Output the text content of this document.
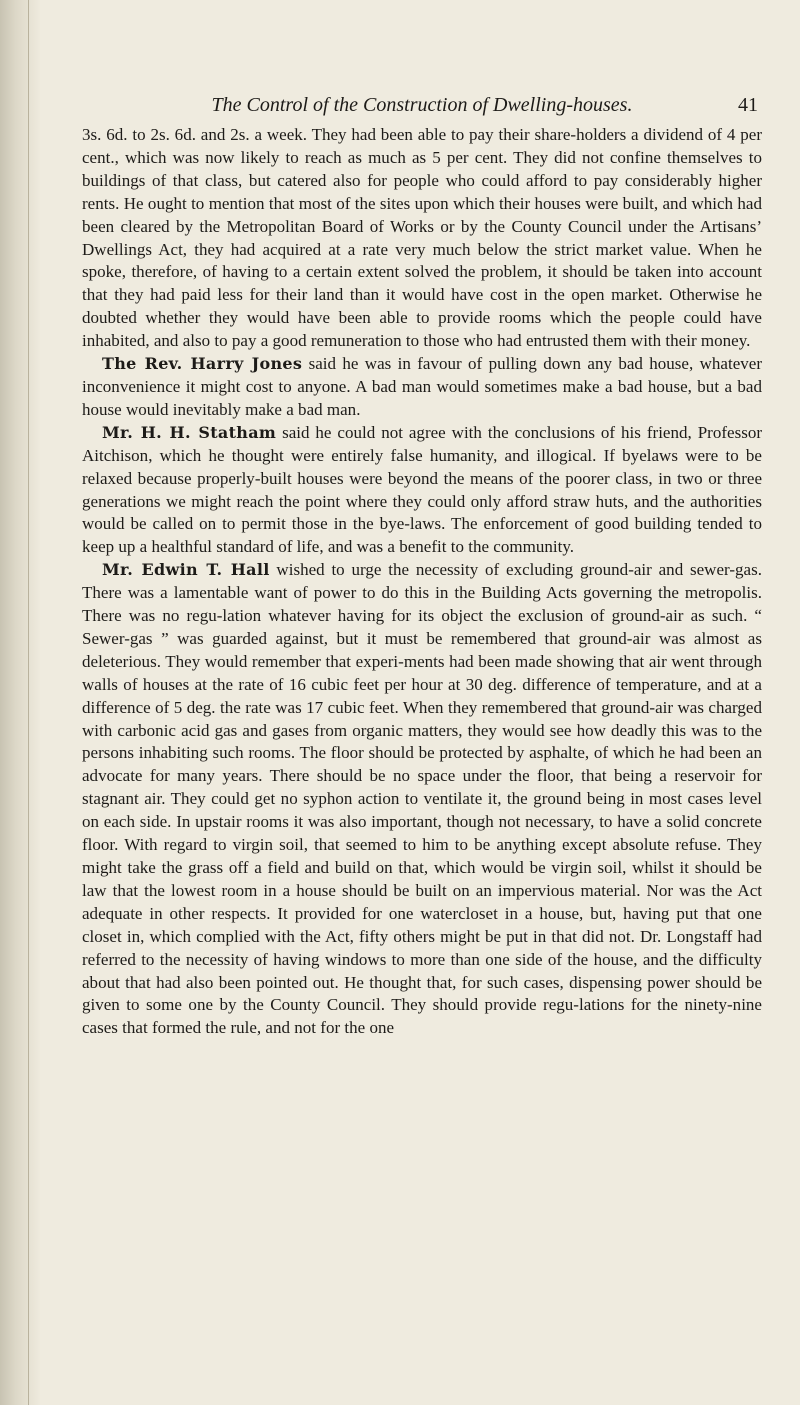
The Control of the Construction of Dwelling-houses.	41

3s. 6d. to 2s. 6d. and 2s. a week. They had been able to pay their share-holders a dividend of 4 per cent., which was now likely to reach as much as 5 per cent. They did not confine themselves to buildings of that class, but catered also for people who could afford to pay considerably higher rents. He ought to mention that most of the sites upon which their houses were built, and which had been cleared by the Metropolitan Board of Works or by the County Council under the Artisans’ Dwellings Act, they had acquired at a rate very much below the strict market value. When he spoke, therefore, of having to a certain extent solved the problem, it should be taken into account that they had paid less for their land than it would have cost in the open market. Otherwise he doubted whether they would have been able to provide rooms which the people could have inhabited, and also to pay a good remuneration to those who had entrusted them with their money.

The Rev. Harry Jones said he was in favour of pulling down any bad house, whatever inconvenience it might cost to anyone. A bad man would sometimes make a bad house, but a bad house would inevitably make a bad man.

Mr. H. H. Statham said he could not agree with the conclusions of his friend, Professor Aitchison, which he thought were entirely false humanity, and illogical. If byelaws were to be relaxed because properly-built houses were beyond the means of the poorer class, in two or three generations we might reach the point where they could only afford straw huts, and the authorities would be called on to permit those in the bye-laws. The enforcement of good building tended to keep up a healthful standard of life, and was a benefit to the community.

Mr. Edwin T. Hall wished to urge the necessity of excluding ground-air and sewer-gas. There was a lamentable want of power to do this in the Building Acts governing the metropolis. There was no regu-lation whatever having for its object the exclusion of ground-air as such. “ Sewer-gas ” was guarded against, but it must be remembered that ground-air was almost as deleterious. They would remember that experi-ments had been made showing that air went through walls of houses at the rate of 16 cubic feet per hour at 30 deg. difference of temperature, and at a difference of 5 deg. the rate was 17 cubic feet. When they remembered that ground-air was charged with carbonic acid gas and gases from organic matters, they would see how deadly this was to the persons inhabiting such rooms. The floor should be protected by asphalte, of which he had been an advocate for many years. There should be no space under the floor, that being a reservoir for stagnant air. They could get no syphon action to ventilate it, the ground being in most cases level on each side. In upstair rooms it was also important, though not necessary, to have a solid concrete floor. With regard to virgin soil, that seemed to him to be anything except absolute refuse. They might take the grass off a field and build on that, which would be virgin soil, whilst it should be law that the lowest room in a house should be built on an impervious material. Nor was the Act adequate in other respects. It provided for one watercloset in a house, but, having put that one closet in, which complied with the Act, fifty others might be put in that did not. Dr. Longstaff had referred to the necessity of having windows to more than one side of the house, and the difficulty about that had also been pointed out. He thought that, for such cases, dispensing power should be given to some one by the County Council. They should provide regu-lations for the ninety-nine cases that formed the rule, and not for the one
